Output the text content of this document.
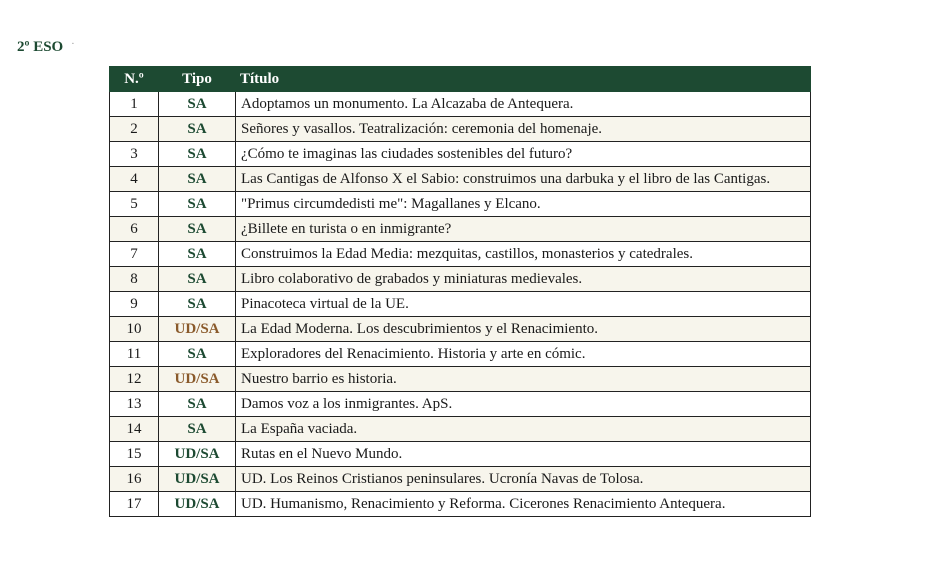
2º ESO ·
N.º	Tipo	Título
1	SA	Adoptamos un monumento. La Alcazaba de Antequera.
2	SA	Señores y vasallos. Teatralización: ceremonia del homenaje.
3	SA	¿Cómo te imaginas las ciudades sostenibles del futuro?
4	SA	Las Cantigas de Alfonso X el Sabio: construimos una darbuka y el libro de las Cantigas.
5	SA	"Primus circumdedisti me": Magallanes y Elcano.
6	SA	¿Billete en turista o en inmigrante?
7	SA	Construimos la Edad Media: mezquitas, castillos, monasterios y catedrales.
8	SA	Libro colaborativo de grabados y miniaturas medievales.
9	SA	Pinacoteca virtual de la UE.
10	UD/SA	La Edad Moderna. Los descubrimientos y el Renacimiento.
11	SA	Exploradores del Renacimiento. Historia y arte en cómic.
12	UD/SA	Nuestro barrio es historia.
13	SA	Damos voz a los inmigrantes. ApS.
14	SA	La España vaciada.
15	UD/SA	Rutas en el Nuevo Mundo.
16	UD/SA	UD. Los Reinos Cristianos peninsulares. Ucronía Navas de Tolosa.
17	UD/SA	UD. Humanismo, Renacimiento y Reforma. Cicerones Renacimiento Antequera.
